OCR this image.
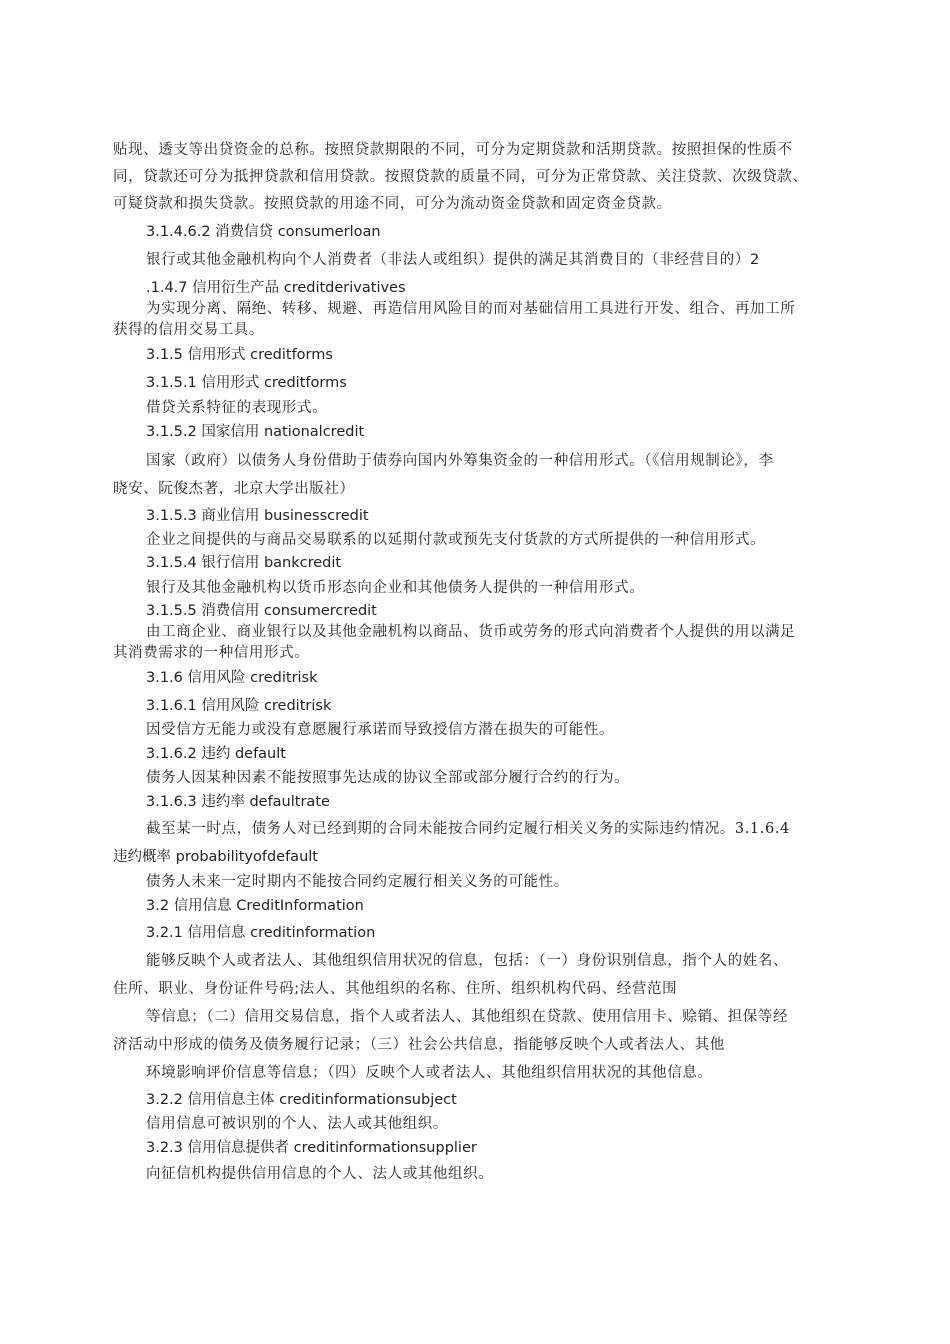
贴现、透支等出贷资金的总称。按照贷款期限的不同，可分为定期贷款和活期贷款。按照担保的性质不
同，贷款还可分为抵押贷款和信用贷款。按照贷款的质量不同，可分为正常贷款、关注贷款、次级贷款、
可疑贷款和损失贷款。按照贷款的用途不同，可分为流动资金贷款和固定资金贷款。
3.1.4.6.2 消费信贷 consumerloan
银行或其他金融机构向个人消费者（非法人或组织）提供的满足其消费目的（非经营目的）2
.1.4.7 信用衍生产品 creditderivatives
为实现分离、隔绝、转移、规避、再造信用风险目的而对基础信用工具进行开发、组合、再加工所
获得的信用交易工具。
3.1.5 信用形式 creditforms
3.1.5.1 信用形式 creditforms
借贷关系特征的表现形式。
3.1.5.2 国家信用 nationalcredit
国家（政府）以债务人身份借助于债券向国内外筹集资金的一种信用形式。（《信用规制论》，李
晓安、阮俊杰著，北京大学出版社）
3.1.5.3 商业信用 businesscredit
企业之间提供的与商品交易联系的以延期付款或预先支付货款的方式所提供的一种信用形式。
3.1.5.4 银行信用 bankcredit
银行及其他金融机构以货币形态向企业和其他债务人提供的一种信用形式。
3.1.5.5 消费信用 consumercredit
由工商企业、商业银行以及其他金融机构以商品、货币或劳务的形式向消费者个人提供的用以满足
其消费需求的一种信用形式。
3.1.6 信用风险 creditrisk
3.1.6.1 信用风险 creditrisk
因受信方无能力或没有意愿履行承诺而导致授信方潜在损失的可能性。
3.1.6.2 违约 default
债务人因某种因素不能按照事先达成的协议全部或部分履行合约的行为。
3.1.6.3 违约率 defaultrate
截至某一时点，债务人对已经到期的合同未能按合同约定履行相关义务的实际违约情况。3.1.6.4
违约概率 probabilityofdefault
债务人未来一定时期内不能按合同约定履行相关义务的可能性。
3.2 信用信息 CreditInformation
3.2.1 信用信息 creditinformation
能够反映个人或者法人、其他组织信用状况的信息，包括：（一）身份识别信息，指个人的姓名、
住所、职业、身份证件号码;法人、其他组织的名称、住所、组织机构代码、经营范围
等信息；（二）信用交易信息，指个人或者法人、其他组织在贷款、使用信用卡、赊销、担保等经
济活动中形成的债务及债务履行记录；（三）社会公共信息，指能够反映个人或者法人、其他
环境影响评价信息等信息；（四）反映个人或者法人、其他组织信用状况的其他信息。
3.2.2 信用信息主体 creditinformationsubject
信用信息可被识别的个人、法人或其他组织。
3.2.3 信用信息提供者 creditinformationsupplier
向征信机构提供信用信息的个人、法人或其他组织。
